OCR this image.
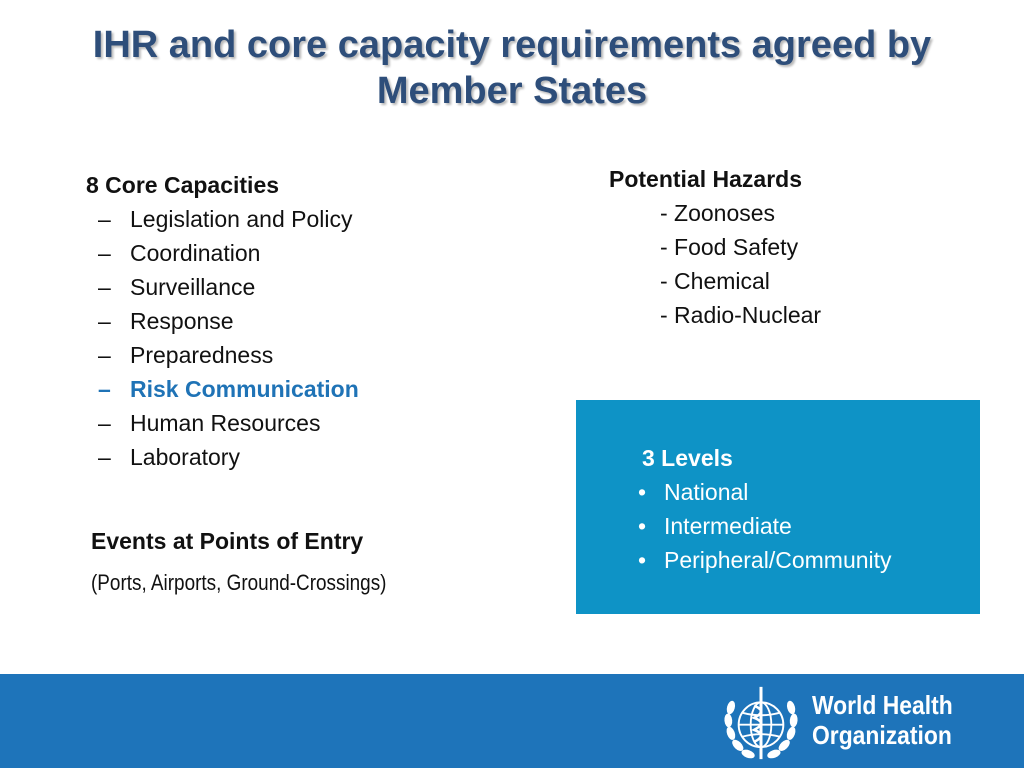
IHR and core capacity requirements agreed by
Member States
8 Core Capacities
– Legislation and Policy
– Coordination
– Surveillance
– Response
– Preparedness
– Risk Communication
– Human Resources
– Laboratory
Potential Hazards
- Zoonoses
- Food Safety
- Chemical
- Radio-Nuclear
Events at Points of Entry
(Ports, Airports, Ground-Crossings)
3 Levels
• National
• Intermediate
• Peripheral/Community
World Health
Organization
